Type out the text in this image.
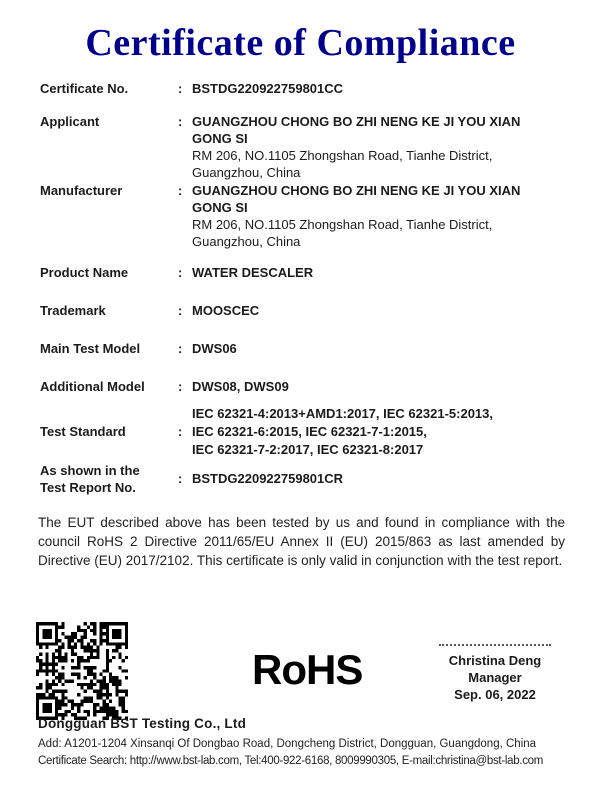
Certificate of Compliance
Certificate No.	: BSTDG220922759801CC
Applicant	: GUANGZHOU CHONG BO ZHI NENG KE JI YOU XIAN
GONG SI
RM 206, NO.1105 Zhongshan Road, Tianhe District,
Guangzhou, China
Manufacturer	: GUANGZHOU CHONG BO ZHI NENG KE JI YOU XIAN
GONG SI
RM 206, NO.1105 Zhongshan Road, Tianhe District,
Guangzhou, China
Product Name	: WATER DESCALER
Trademark	: MOOSCEC
Main Test Model	: DWS06
Additional Model	: DWS08, DWS09
Test Standard	:
IEC 62321-4:2013+AMD1:2017, IEC 62321-5:2013,
IEC 62321-6:2015, IEC 62321-7-1:2015,
IEC 62321-7-2:2017, IEC 62321-8:2017
As shown in the
Test Report No.
: BSTDG220922759801CR

The EUT described above has been tested by us and found in compliance with the council RoHS 2 Directive 2011/65/EU Annex II (EU) 2015/863 as last amended by Directive (EU) 2017/2102. This certificate is only valid in conjunction with the test report.

RoHS	Christina Deng
Manager
Sep. 06, 2022
Dongguan BST Testing Co., Ltd
Add: A1201-1204 Xinsanqi Of Dongbao Road, Dongcheng District, Dongguan, Guangdong, China
Certificate Search: http://www.bst-lab.com, Tel:400-922-6168, 8009990305, E-mail:christina@bst-lab.com
